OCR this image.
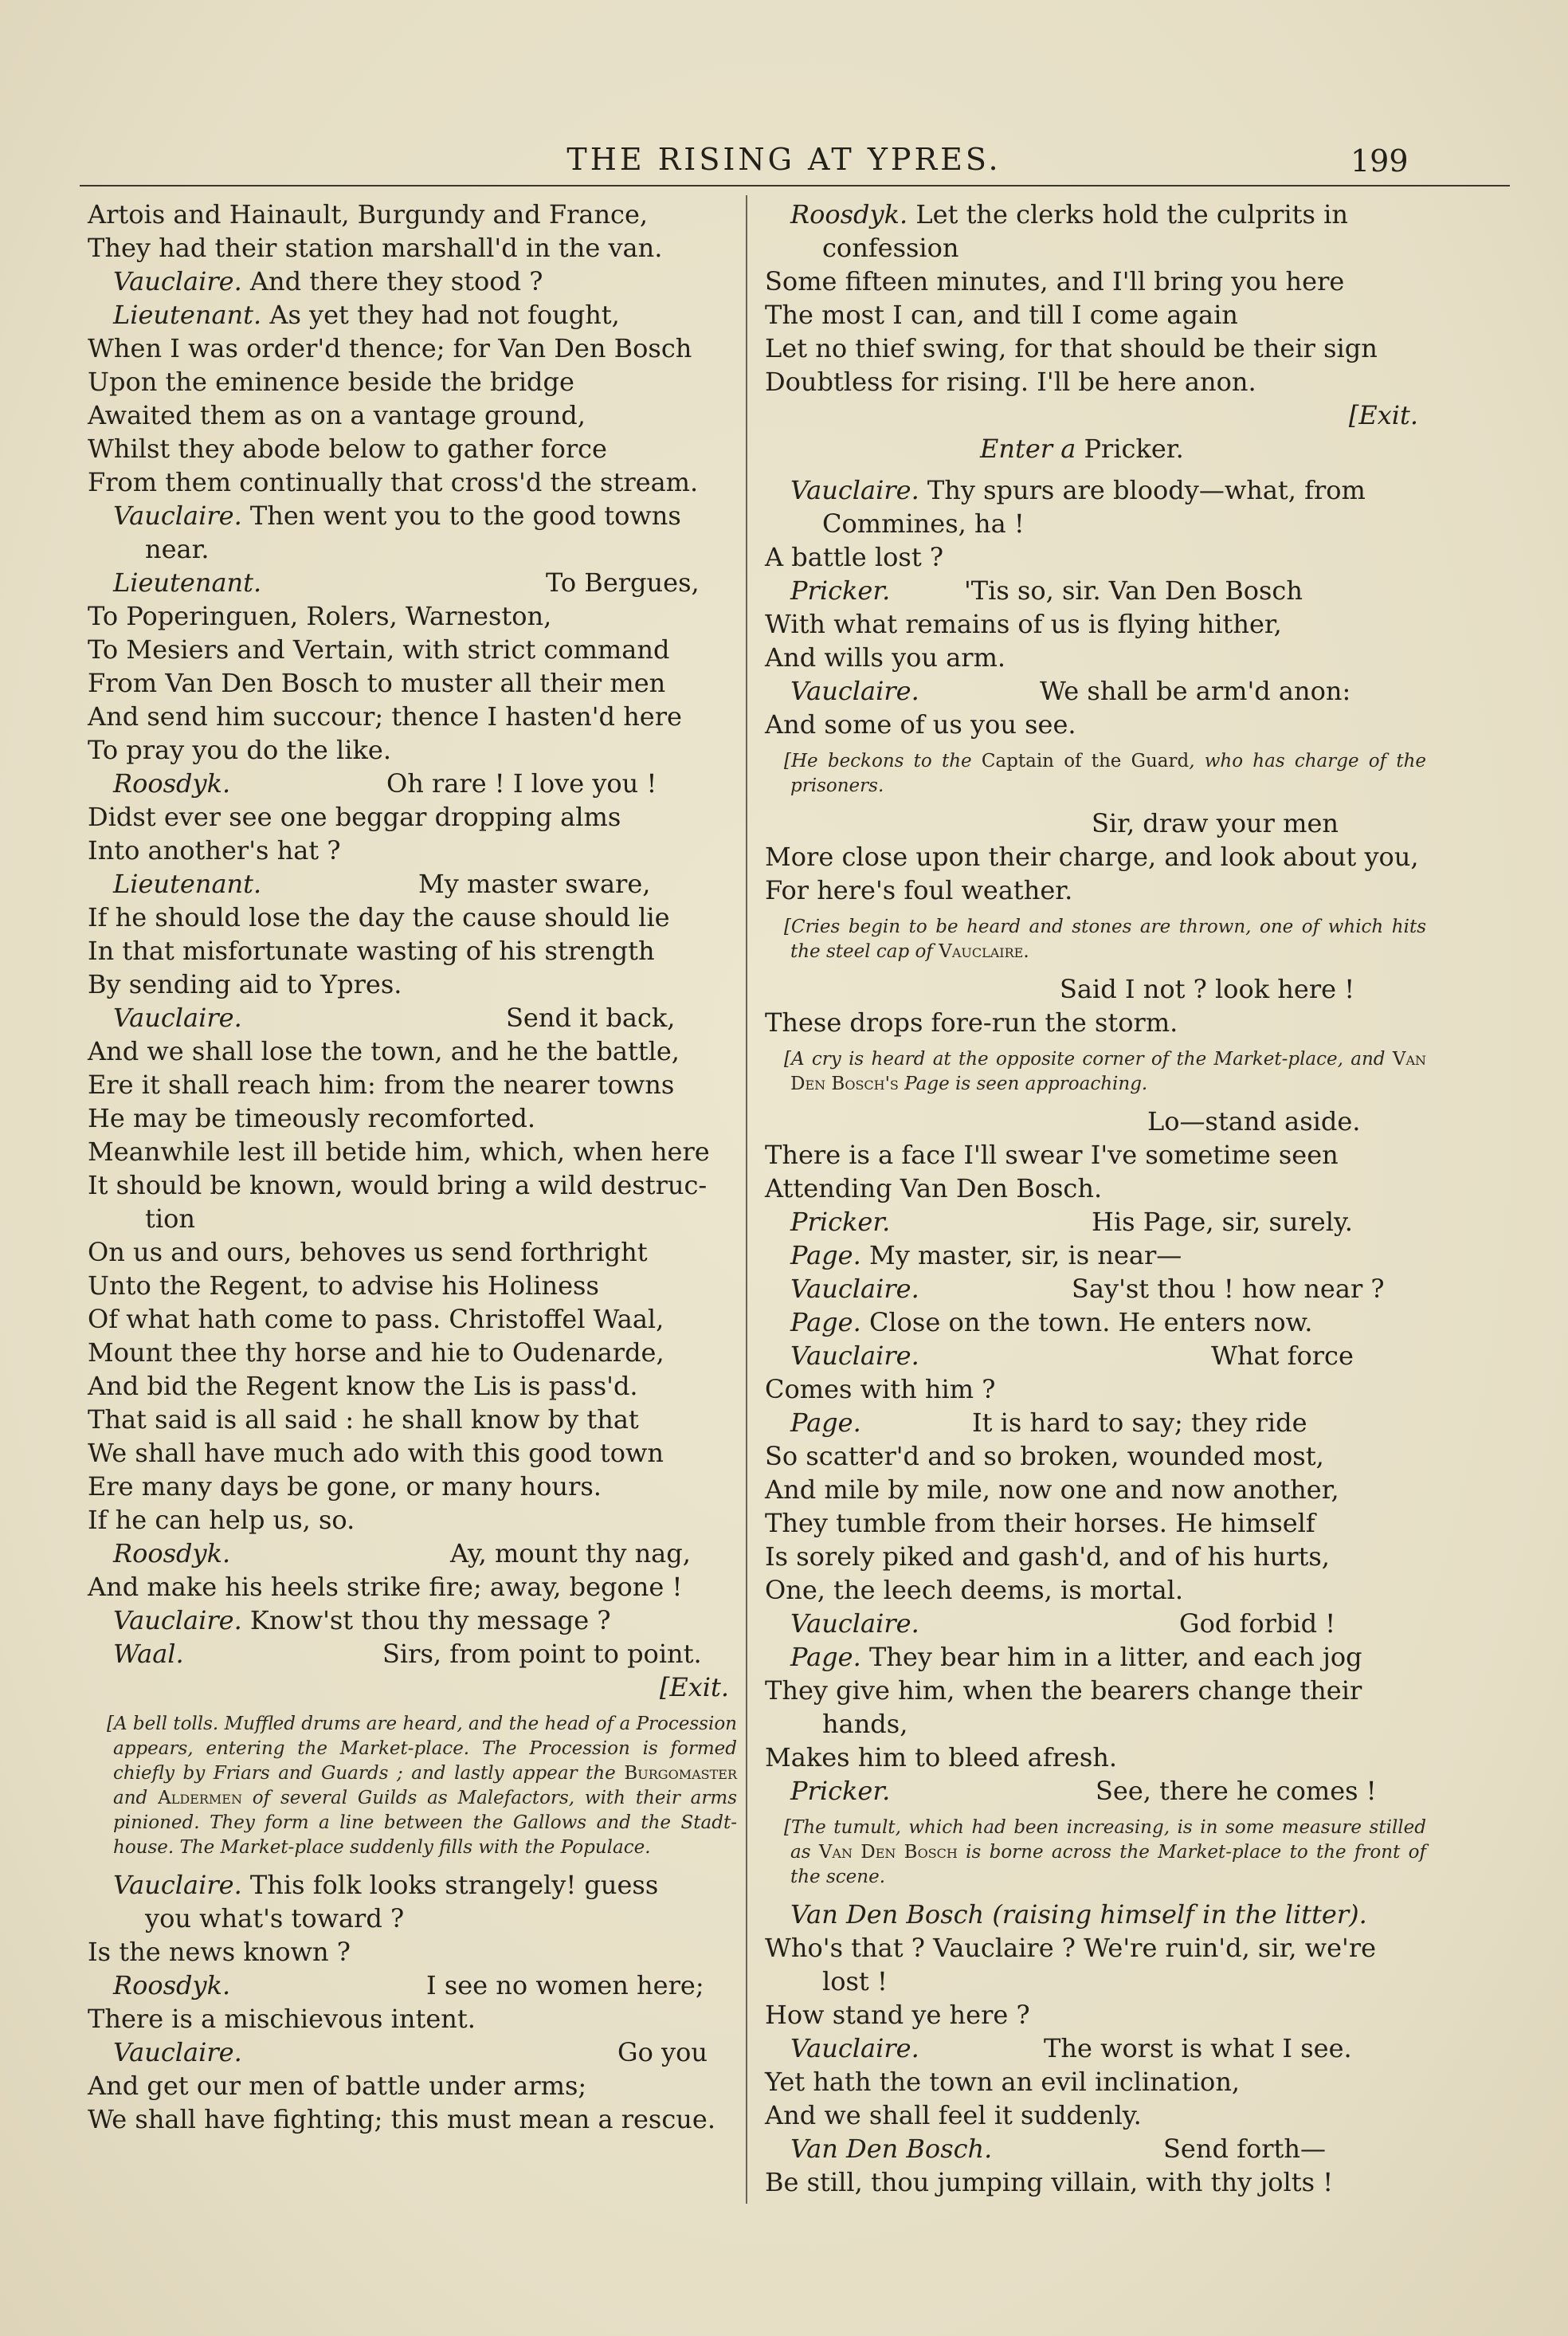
THE RISING AT YPRES.	199
Artois and Hainault, Burgundy and France,
They had their station marshall'd in the van.
Vauclaire. And there they stood ?
Lieutenant. As yet they had not fought,
When I was order'd thence; for Van Den Bosch
Upon the eminence beside the bridge
Awaited them as on a vantage ground,
Whilst they abode below to gather force
From them continually that cross'd the stream.
Vauclaire. Then went you to the good towns
near.
Lieutenant.	To Bergues,
To Poperinguen, Rolers, Warneston,
To Mesiers and Vertain, with strict command
From Van Den Bosch to muster all their men
And send him succour; thence I hasten'd here
To pray you do the like.
Roosdyk.	Oh rare ! I love you !
Didst ever see one beggar dropping alms
Into another's hat ?
Lieutenant.	My master sware,
If he should lose the day the cause should lie
In that misfortunate wasting of his strength
By sending aid to Ypres.
Vauclaire.	Send it back,
And we shall lose the town, and he the battle,
Ere it shall reach him: from the nearer towns
He may be timeously recomforted.
Meanwhile lest ill betide him, which, when here
It should be known, would bring a wild destruc-
tion
On us and ours, behoves us send forthright
Unto the Regent, to advise his Holiness
Of what hath come to pass. Christoffel Waal,
Mount thee thy horse and hie to Oudenarde,
And bid the Regent know the Lis is pass'd.
That said is all said : he shall know by that
We shall have much ado with this good town
Ere many days be gone, or many hours.
If he can help us, so.
Roosdyk.	Ay, mount thy nag,
And make his heels strike fire; away, begone !
Vauclaire. Know'st thou thy message ?
Waal.	Sirs, from point to point.
[Exit.
[A bell tolls. Muffled drums are heard, and the head of a Procession appears, entering the Market-place. The Procession is formed chiefly by Friars and Guards ; and lastly appear the Burgomaster and Aldermen of several Guilds as Malefactors, with their arms pinioned. They form a line between the Gallows and the Stadt-house. The Market-place suddenly fills with the Populace.
Vauclaire. This folk looks strangely! guess
you what's toward ?
Is the news known ?
Roosdyk.	I see no women here;
There is a mischievous intent.
Vauclaire.	Go you
And get our men of battle under arms;
We shall have fighting; this must mean a rescue.
Roosdyk. Let the clerks hold the culprits in
confession
Some fifteen minutes, and I'll bring you here
The most I can, and till I come again
Let no thief swing, for that should be their sign
Doubtless for rising. I'll be here anon.
[Exit.
Enter a Pricker.
Vauclaire. Thy spurs are bloody—what, from
Commines, ha !
A battle lost ?
Pricker.	'Tis so, sir. Van Den Bosch
With what remains of us is flying hither,
And wills you arm.
Vauclaire.	We shall be arm'd anon:
And some of us you see.
[He beckons to the Captain of the Guard, who has charge of the prisoners.
Sir, draw your men
More close upon their charge, and look about you,
For here's foul weather.
[Cries begin to be heard and stones are thrown, one of which hits the steel cap of Vauclaire.
Said I not ? look here !
These drops fore-run the storm.
[A cry is heard at the opposite corner of the Market-place, and Van Den Bosch's Page is seen approaching.
Lo—stand aside.
There is a face I'll swear I've sometime seen
Attending Van Den Bosch.
Pricker.	His Page, sir, surely.
Page. My master, sir, is near—
Vauclaire.	Say'st thou ! how near ?
Page. Close on the town. He enters now.
Vauclaire.	What force
Comes with him ?
Page.	It is hard to say; they ride
So scatter'd and so broken, wounded most,
And mile by mile, now one and now another,
They tumble from their horses. He himself
Is sorely piked and gash'd, and of his hurts,
One, the leech deems, is mortal.
Vauclaire.	God forbid !
Page. They bear him in a litter, and each jog
They give him, when the bearers change their
hands,
Makes him to bleed afresh.
Pricker.	See, there he comes !
[The tumult, which had been increasing, is in some measure stilled as Van Den Bosch is borne across the Market-place to the front of the scene.
Van Den Bosch (raising himself in the litter).
Who's that ? Vauclaire ? We're ruin'd, sir, we're
lost !
How stand ye here ?
Vauclaire.	The worst is what I see.
Yet hath the town an evil inclination,
And we shall feel it suddenly.
Van Den Bosch.	Send forth—
Be still, thou jumping villain, with thy jolts !
